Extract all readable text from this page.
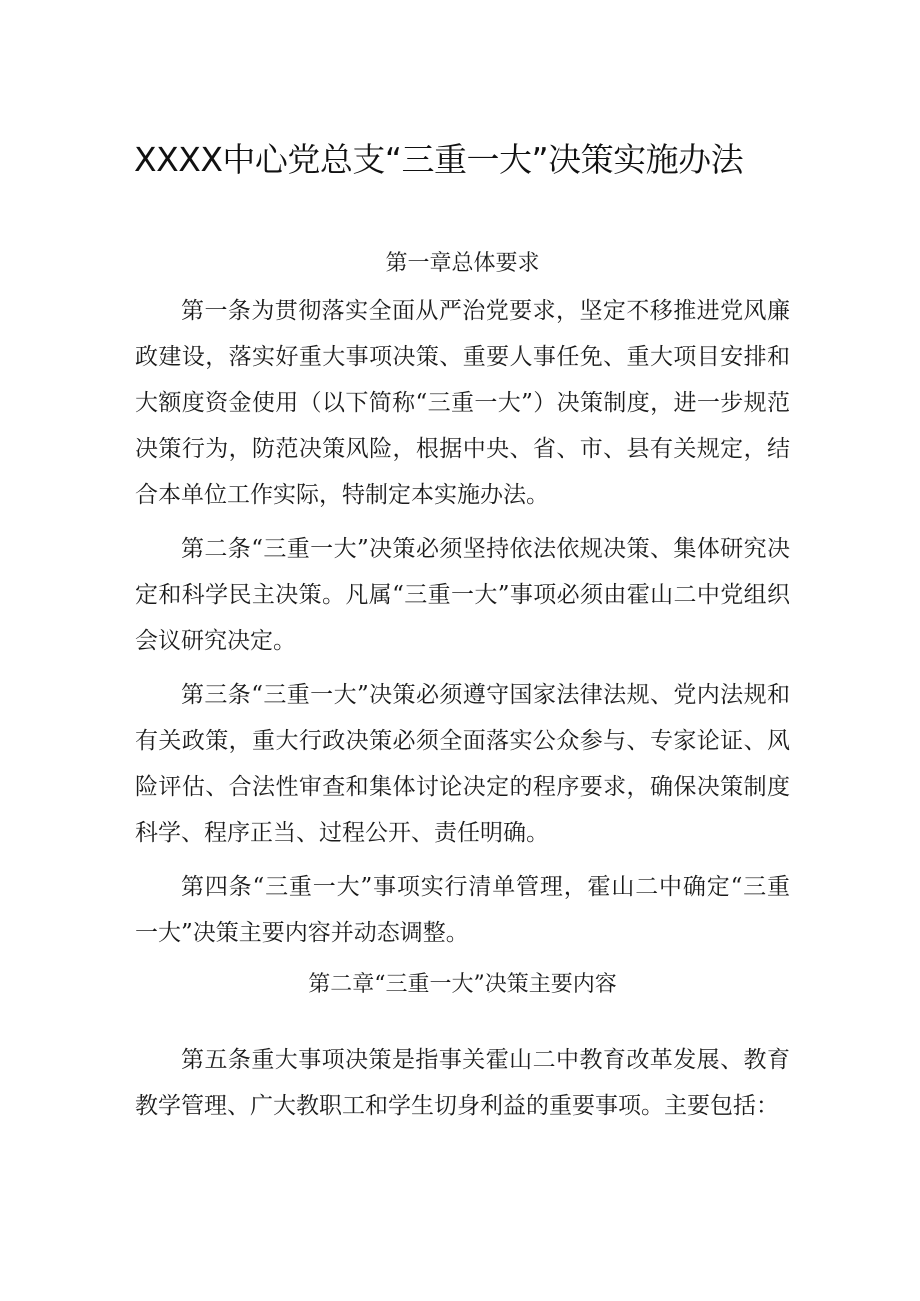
XXXX中心党总支“三重一大”决策实施办法
第一章总体要求

第一条为贯彻落实全面从严治党要求，坚定不移推进党风廉政建设，落实好重大事项决策、重要人事任免、重大项目安排和大额度资金使用（以下简称“三重一大”）决策制度，进一步规范决策行为，防范决策风险，根据中央、省、市、县有关规定，结合本单位工作实际，特制定本实施办法。

第二条“三重一大”决策必须坚持依法依规决策、集体研究决定和科学民主决策。凡属“三重一大”事项必须由霍山二中党组织会议研究决定。

第三条“三重一大”决策必须遵守国家法律法规、党内法规和有关政策，重大行政决策必须全面落实公众参与、专家论证、风险评估、合法性审查和集体讨论决定的程序要求，确保决策制度科学、程序正当、过程公开、责任明确。

第四条“三重一大”事项实行清单管理，霍山二中确定“三重一大”决策主要内容并动态调整。

第二章“三重一大”决策主要内容

第五条重大事项决策是指事关霍山二中教育改革发展、教育教学管理、广大教职工和学生切身利益的重要事项。主要包括：
